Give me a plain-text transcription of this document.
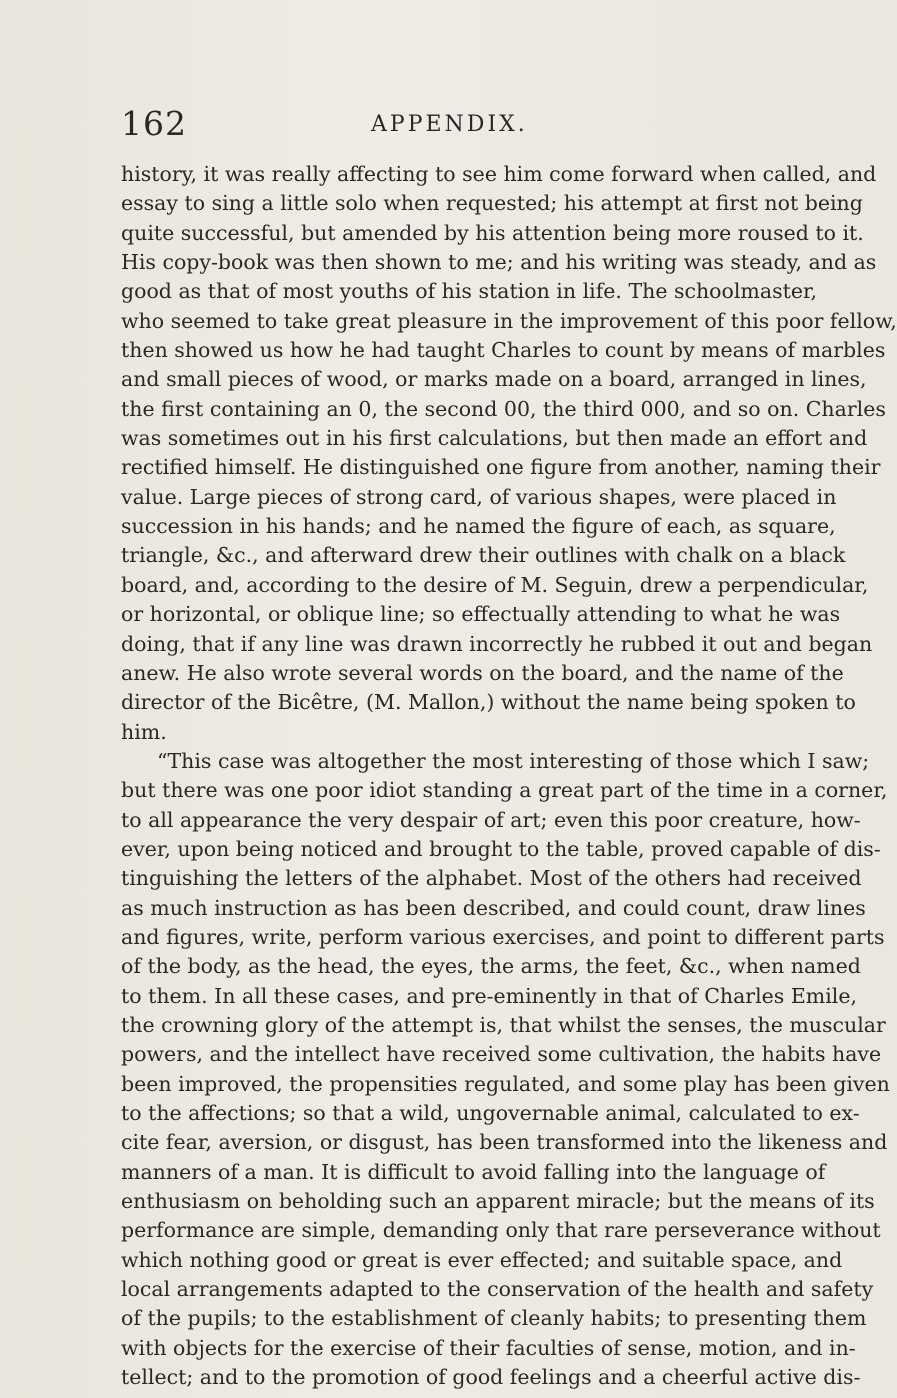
162	APPENDIX.
history, it was really affecting to see him come forward when called, and
essay to sing a little solo when requested; his attempt at first not being
quite successful, but amended by his attention being more roused to it.
His copy-book was then shown to me; and his writing was steady, and as
good as that of most youths of his station in life. The schoolmaster,
who seemed to take great pleasure in the improvement of this poor fellow,
then showed us how he had taught Charles to count by means of marbles
and small pieces of wood, or marks made on a board, arranged in lines,
the first containing an 0, the second 00, the third 000, and so on. Charles
was sometimes out in his first calculations, but then made an effort and
rectified himself. He distinguished one figure from another, naming their
value. Large pieces of strong card, of various shapes, were placed in
succession in his hands; and he named the figure of each, as square,
triangle, &c., and afterward drew their outlines with chalk on a black
board, and, according to the desire of M. Seguin, drew a perpendicular,
or horizontal, or oblique line; so effectually attending to what he was
doing, that if any line was drawn incorrectly he rubbed it out and began
anew. He also wrote several words on the board, and the name of the
director of the Bicêtre, (M. Mallon,) without the name being spoken to
him.
“This case was altogether the most interesting of those which I saw;
but there was one poor idiot standing a great part of the time in a corner,
to all appearance the very despair of art; even this poor creature, how-
ever, upon being noticed and brought to the table, proved capable of dis-
tinguishing the letters of the alphabet. Most of the others had received
as much instruction as has been described, and could count, draw lines
and figures, write, perform various exercises, and point to different parts
of the body, as the head, the eyes, the arms, the feet, &c., when named
to them. In all these cases, and pre-eminently in that of Charles Emile,
the crowning glory of the attempt is, that whilst the senses, the muscular
powers, and the intellect have received some cultivation, the habits have
been improved, the propensities regulated, and some play has been given
to the affections; so that a wild, ungovernable animal, calculated to ex-
cite fear, aversion, or disgust, has been transformed into the likeness and
manners of a man. It is difficult to avoid falling into the language of
enthusiasm on beholding such an apparent miracle; but the means of its
performance are simple, demanding only that rare perseverance without
which nothing good or great is ever effected; and suitable space, and
local arrangements adapted to the conservation of the health and safety
of the pupils; to the establishment of cleanly habits; to presenting them
with objects for the exercise of their faculties of sense, motion, and in-
tellect; and to the promotion of good feelings and a cheerful active dis-
